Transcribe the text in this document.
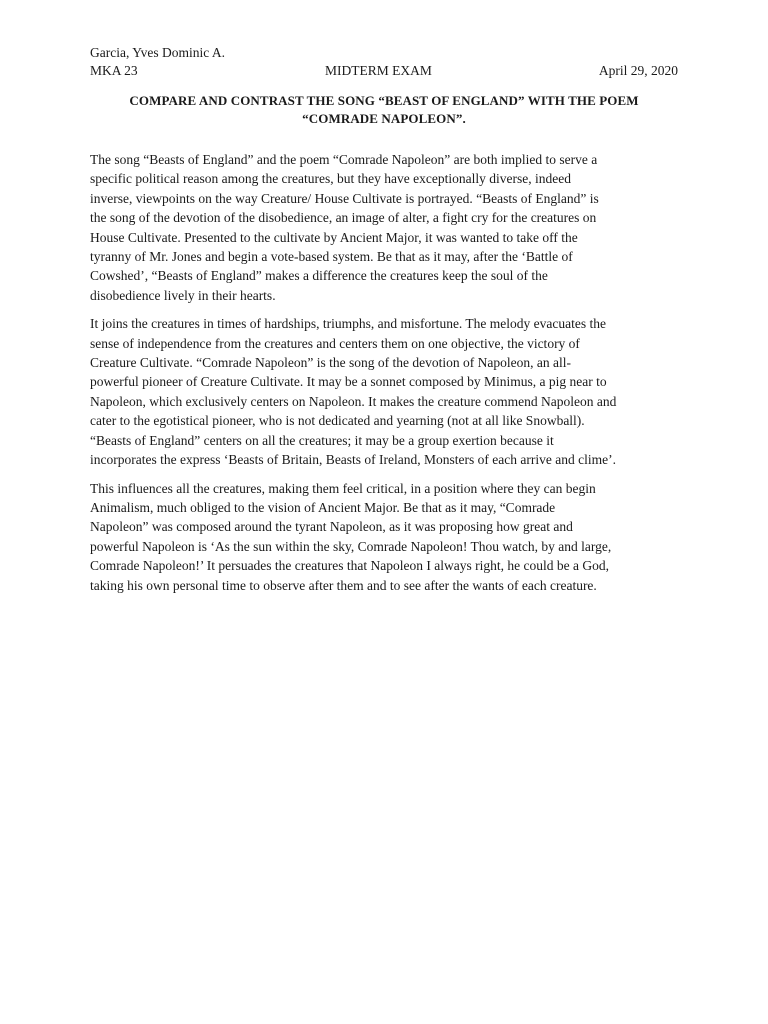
Garcia, Yves Dominic A.
MKA 23	MIDTERM EXAM	April 29, 2020
COMPARE AND CONTRAST THE SONG “BEAST OF ENGLAND” WITH THE POEM
“COMRADE NAPOLEON”.

The song “Beasts of England” and the poem “Comrade Napoleon” are both implied to serve a
specific political reason among the creatures, but they have exceptionally diverse, indeed
inverse, viewpoints on the way Creature/ House Cultivate is portrayed. “Beasts of England” is
the song of the devotion of the disobedience, an image of alter, a fight cry for the creatures on
House Cultivate. Presented to the cultivate by Ancient Major, it was wanted to take off the
tyranny of Mr. Jones and begin a vote-based system. Be that as it may, after the ‘Battle of
Cowshed’, “Beasts of England” makes a difference the creatures keep the soul of the
disobedience lively in their hearts.

It joins the creatures in times of hardships, triumphs, and misfortune. The melody evacuates the
sense of independence from the creatures and centers them on one objective, the victory of
Creature Cultivate. “Comrade Napoleon” is the song of the devotion of Napoleon, an all-
powerful pioneer of Creature Cultivate. It may be a sonnet composed by Minimus, a pig near to
Napoleon, which exclusively centers on Napoleon. It makes the creature commend Napoleon and
cater to the egotistical pioneer, who is not dedicated and yearning (not at all like Snowball).
“Beasts of England” centers on all the creatures; it may be a group exertion because it
incorporates the express ‘Beasts of Britain, Beasts of Ireland, Monsters of each arrive and clime’.

This influences all the creatures, making them feel critical, in a position where they can begin
Animalism, much obliged to the vision of Ancient Major. Be that as it may, “Comrade
Napoleon” was composed around the tyrant Napoleon, as it was proposing how great and
powerful Napoleon is ‘As the sun within the sky, Comrade Napoleon! Thou watch, by and large,
Comrade Napoleon!’ It persuades the creatures that Napoleon I always right, he could be a God,
taking his own personal time to observe after them and to see after the wants of each creature.
